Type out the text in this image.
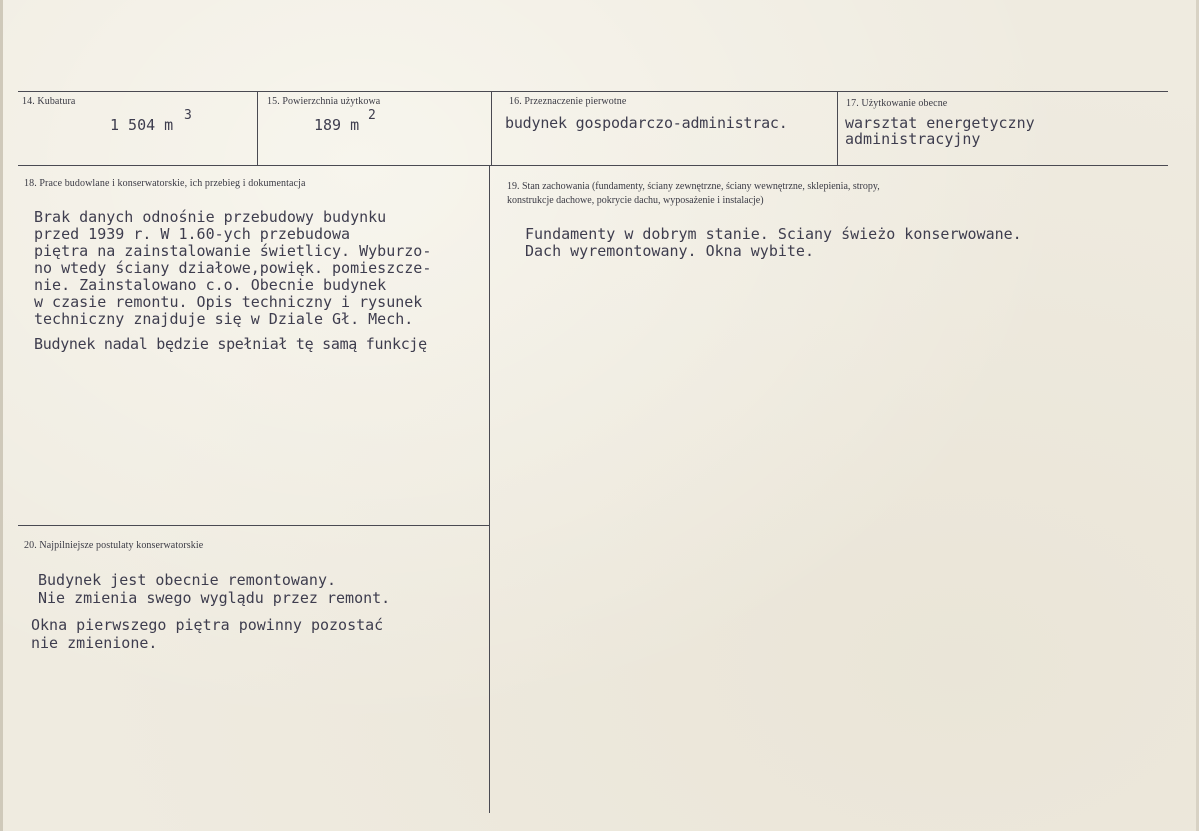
14. Kubatura
1 504 m
3
15. Powierzchnia użytkowa
189 m
2
16. Przeznaczenie pierwotne
budynek gospodarczo-administrac.
17. Użytkowanie obecne
warsztat energetyczny
administracyjny
18. Prace budowlane i konserwatorskie, ich przebieg i dokumentacja
Brak danych odnośnie przebudowy budynku
przed 1939 r. W 1.60-ych przebudowa
piętra na zainstalowanie świetlicy. Wyburzo-
no wtedy ściany działowe,powięk. pomieszcze-
nie. Zainstalowano c.o. Obecnie budynek
w czasie remontu. Opis techniczny i rysunek
techniczny znajduje się w Dziale Gł. Mech.
Budynek nadal będzie spełniał tę samą funkcję
19. Stan zachowania (fundamenty, ściany zewnętrzne, ściany wewnętrzne, sklepienia, stropy,
konstrukcje dachowe, pokrycie dachu, wyposażenie i instalacje)
Fundamenty w dobrym stanie. Sciany świeżo konserwowane.
Dach wyremontowany. Okna wybite.
20. Najpilniejsze postulaty konserwatorskie
Budynek jest obecnie remontowany.
Nie zmienia swego wyglądu przez remont.
Okna pierwszego piętra powinny pozostać
nie zmienione.
